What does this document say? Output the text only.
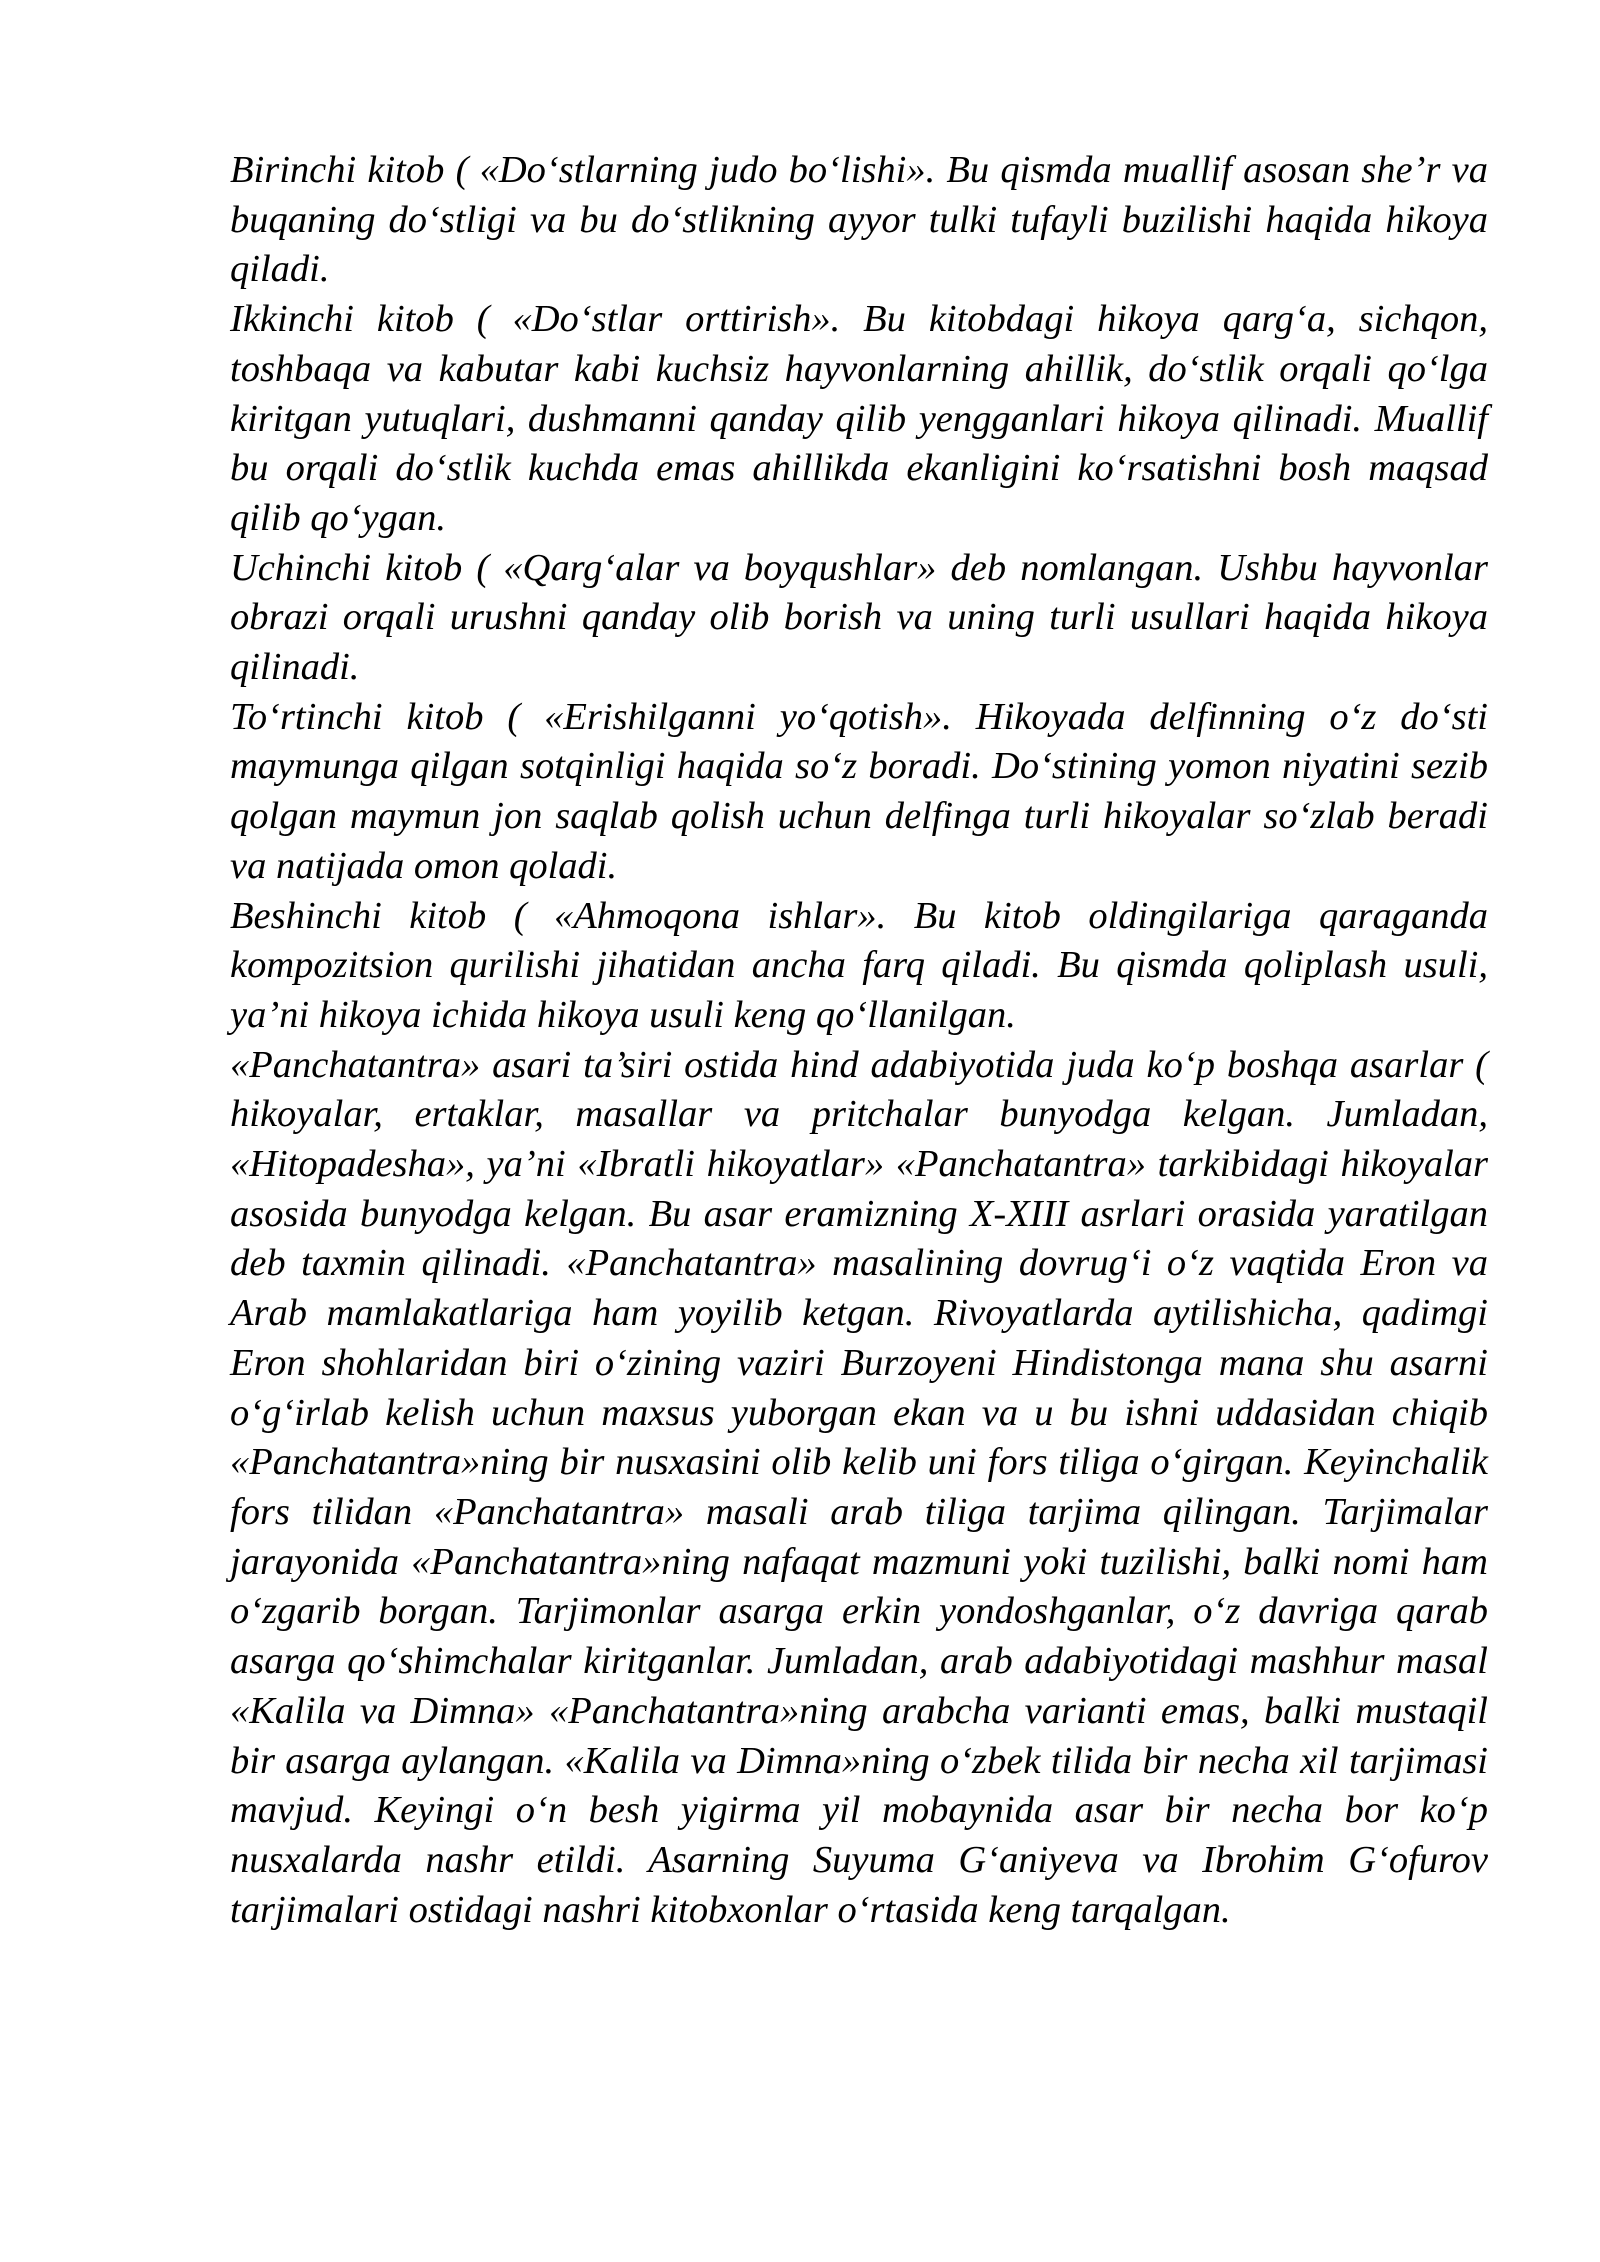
Birinchi kitob ( «Do‘stlarning judo bo‘lishi». Bu qismda muallif asosan she’r va buqaning do‘stligi va bu do‘stlikning ayyor tulki tufayli buzilishi haqida hikoya qiladi.

Ikkinchi kitob ( «Do‘stlar orttirish». Bu kitobdagi hikoya qarg‘a, sichqon, toshbaqa va kabutar kabi kuchsiz hayvonlarning ahillik, do‘stlik orqali qo‘lga kiritgan yutuqlari, dushmanni qanday qilib yengganlari hikoya qilinadi. Muallif bu orqali do‘stlik kuchda emas ahillikda ekanligini ko‘rsatishni bosh maqsad qilib qo‘ygan.

Uchinchi kitob ( «Qarg‘alar va boyqushlar» deb nomlangan. Ushbu hayvonlar obrazi orqali urushni qanday olib borish va uning turli usullari haqida hikoya qilinadi.

To‘rtinchi kitob ( «Erishilganni yo‘qotish». Hikoyada delfinning o‘z do‘sti maymunga qilgan sotqinligi haqida so‘z boradi. Do‘stining yomon niyatini sezib qolgan maymun jon saqlab qolish uchun delfinga turli hikoyalar so‘zlab beradi va natijada omon qoladi.

Beshinchi kitob ( «Ahmoqona ishlar». Bu kitob oldingilariga qaraganda kompozitsion qurilishi jihatidan ancha farq qiladi. Bu qismda qoliplash usuli, ya’ni hikoya ichida hikoya usuli keng qo‘llanilgan.

«Panchatantra» asari ta’siri ostida hind adabiyotida juda ko‘p boshqa asarlar ( hikoyalar, ertaklar, masallar va pritchalar bunyodga kelgan. Jumladan, «Hitopadesha», ya’ni «Ibratli hikoyatlar» «Panchatantra» tarkibidagi hikoyalar asosida bunyodga kelgan. Bu asar eramizning X-XIII asrlari orasida yaratilgan deb taxmin qilinadi. «Panchatantra» masalining dovrug‘i o‘z vaqtida Eron va Arab mamlakatlariga ham yoyilib ketgan. Rivoyatlarda aytilishicha, qadimgi Eron shohlaridan biri o‘zining vaziri Burzoyeni Hindistonga mana shu asarni o‘g‘irlab kelish uchun maxsus yuborgan ekan va u bu ishni uddasidan chiqib «Panchatantra»ning bir nusxasini olib kelib uni fors tiliga o‘girgan. Keyinchalik fors tilidan «Panchatantra» masali arab tiliga tarjima qilingan. Tarjimalar jarayonida «Panchatantra»ning nafaqat mazmuni yoki tuzilishi, balki nomi ham o‘zgarib borgan. Tarjimonlar asarga erkin yondoshganlar, o‘z davriga qarab asarga qo‘shimchalar kiritganlar. Jumladan, arab adabiyotidagi mashhur masal «Kalila va Dimna» «Panchatantra»ning arabcha varianti emas, balki mustaqil bir asarga aylangan. «Kalila va Dimna»ning o‘zbek tilida bir necha xil tarjimasi mavjud. Keyingi o‘n besh yigirma yil mobaynida asar bir necha bor ko‘p nusxalarda nashr etildi. Asarning Suyuma G‘aniyeva va Ibrohim G‘ofurov tarjimalari ostidagi nashri kitobxonlar o‘rtasida keng tarqalgan.
